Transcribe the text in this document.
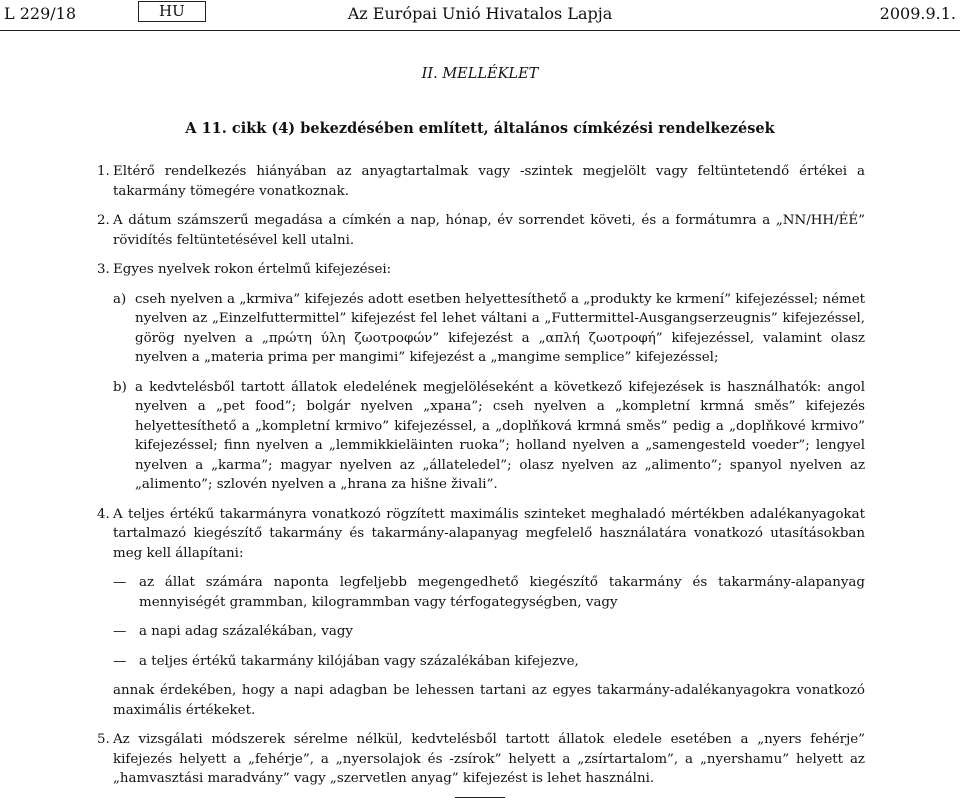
L 229/18	HU	Az Európai Unió Hivatalos Lapja	2009.9.1.
II. MELLÉKLET
A 11. cikk (4) bekezdésében említett, általános címkézési rendelkezések
1. Eltérő rendelkezés hiányában az anyagtartalmak vagy -szintek megjelölt vagy feltüntetendő értékei a takarmány tömegére vonatkoznak.
2. A dátum számszerű megadása a címkén a nap, hónap, év sorrendet követi, és a formátumra a „NN/HH/ÉÉ” rövidítés feltüntetésével kell utalni.
3. Egyes nyelvek rokon értelmű kifejezései:
a) cseh nyelven a „krmiva” kifejezés adott esetben helyettesíthető a „produkty ke krmení” kifejezéssel; német nyelven az „Einzelfuttermittel” kifejezést fel lehet váltani a „Futtermittel-Ausgangserzeugnis” kifejezéssel, görög nyelven a „πρώτη ύλη ζωοτροφών” kifejezést a „απλή ζωοτροφή” kifejezéssel, valamint olasz nyelven a „materia prima per mangimi” kifejezést a „mangime semplice” kifejezéssel;
b) a kedvtelésből tartott állatok eledelének megjelöléseként a következő kifejezések is használhatók: angol nyelven a „pet food”; bolgár nyelven „храна”; cseh nyelven a „kompletní krmná směs” kifejezés helyettesíthető a „kompletní krmivo” kifejezéssel, a „doplňková krmná směs” pedig a „doplňkové krmivo” kifejezéssel; finn nyelven a „lemmikkieläinten ruoka”; holland nyelven a „samengesteld voeder”; lengyel nyelven a „karma”; magyar nyelven az „állateledel”; olasz nyelven az „alimento”; spanyol nyelven az „alimento”; szlovén nyelven a „hrana za hišne živali”.
4. A teljes értékű takarmányra vonatkozó rögzített maximális szinteket meghaladó mértékben adalékanyagokat tartalmazó kiegészítő takarmány és takarmány-alapanyag megfelelő használatára vonatkozó utasításokban meg kell állapítani:
— az állat számára naponta legfeljebb megengedhető kiegészítő takarmány és takarmány-alapanyag mennyiségét grammban, kilogrammban vagy térfogategységben, vagy
— a napi adag százalékában, vagy
— a teljes értékű takarmány kilójában vagy százalékában kifejezve,

annak érdekében, hogy a napi adagban be lehessen tartani az egyes takarmány-adalékanyagokra vonatkozó maximális értékeket.

5. Az vizsgálati módszerek sérelme nélkül, kedvtelésből tartott állatok eledele esetében a „nyers fehérje” kifejezés helyett a „fehérje”, a „nyersolajok és -zsírok” helyett a „zsírtartalom”, a „nyershamu” helyett az „hamvasztási maradvány” vagy „szervetlen anyag” kifejezést is lehet használni.
